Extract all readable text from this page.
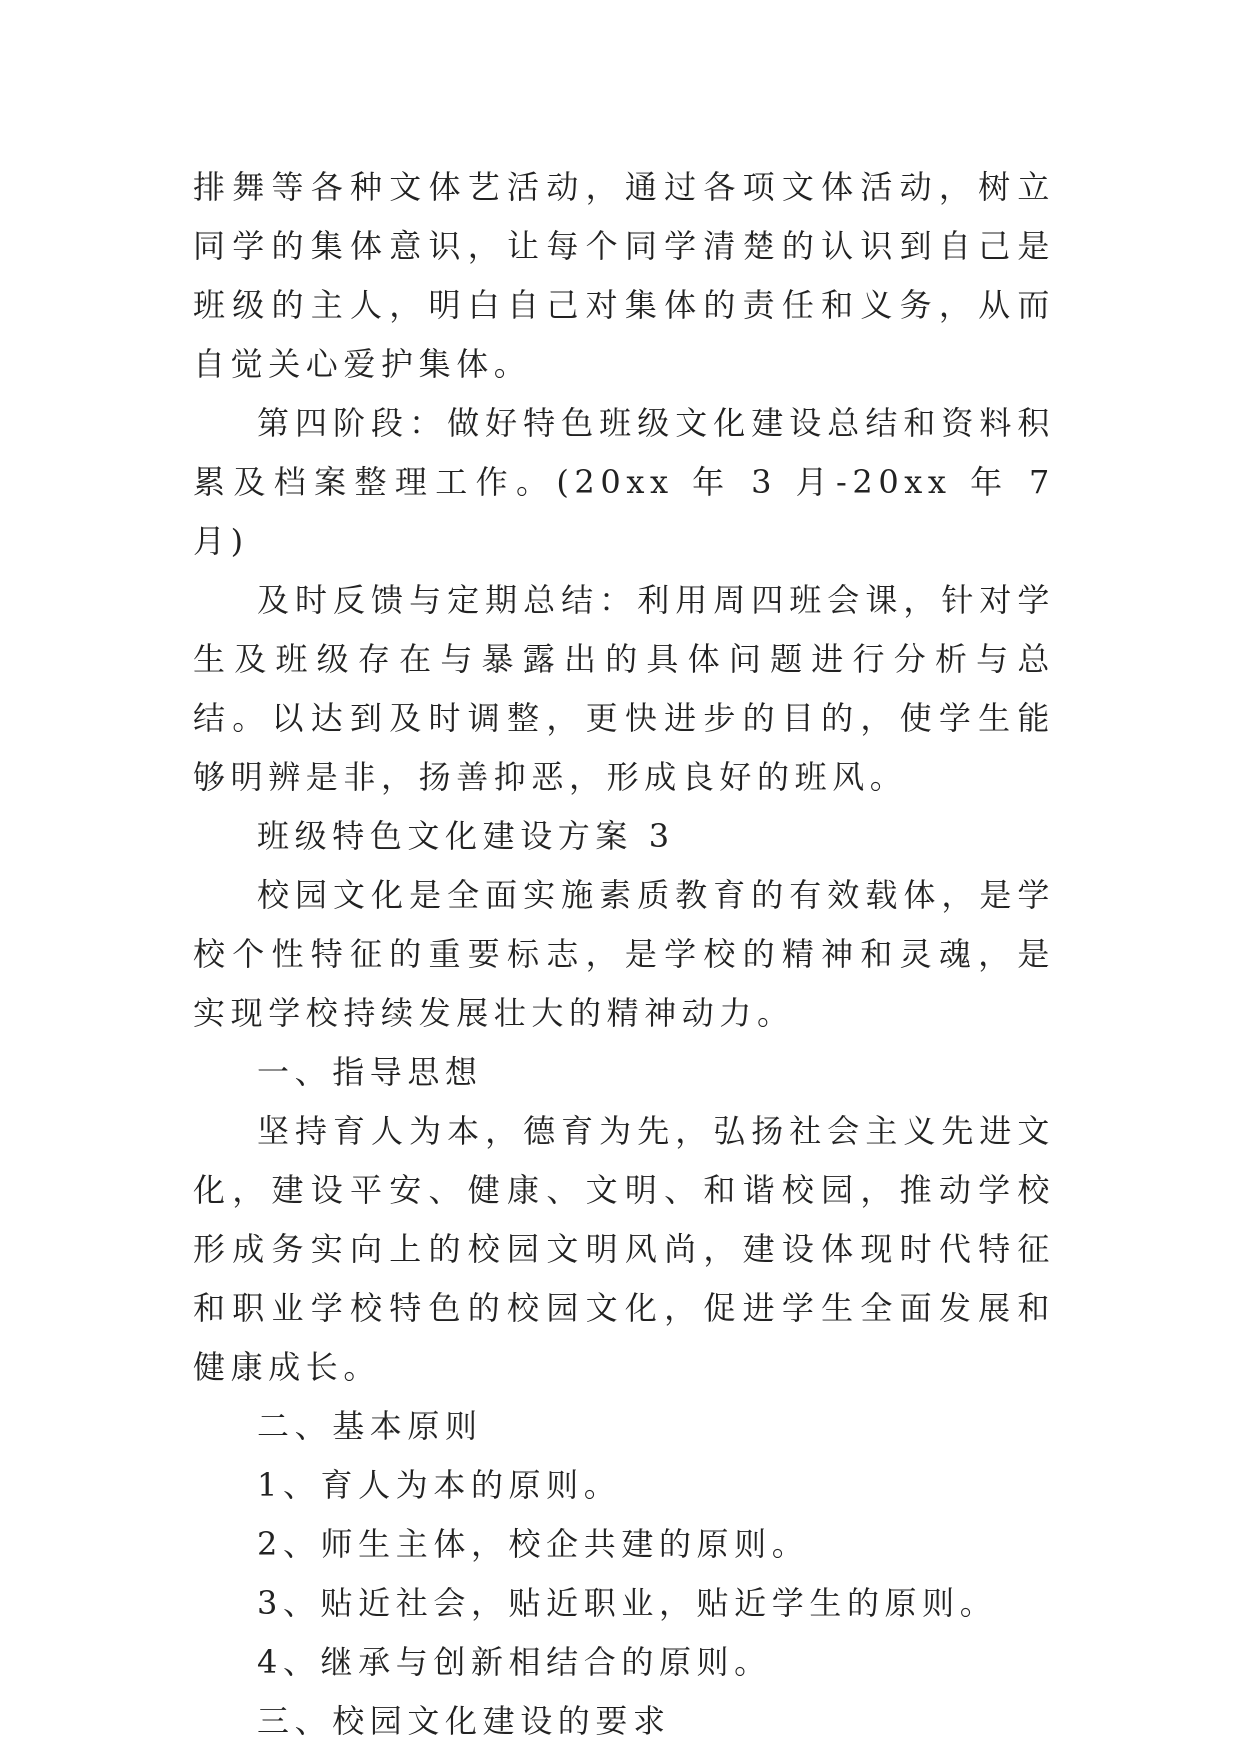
排舞等各种文体艺活动，通过各项文体活动，树立同学的集体意识，让每个同学清楚的认识到自己是班级的主人，明白自己对集体的责任和义务，从而自觉关心爱护集体。

第四阶段：做好特色班级文化建设总结和资料积累及档案整理工作。(20xx 年 3 月-20xx 年 7 月)

及时反馈与定期总结：利用周四班会课，针对学生及班级存在与暴露出的具体问题进行分析与总结。以达到及时调整，更快进步的目的，使学生能够明辨是非，扬善抑恶，形成良好的班风。

班级特色文化建设方案 3

校园文化是全面实施素质教育的有效载体，是学校个性特征的重要标志，是学校的精神和灵魂，是实现学校持续发展壮大的精神动力。

一、指导思想

坚持育人为本，德育为先，弘扬社会主义先进文化，建设平安、健康、文明、和谐校园，推动学校形成务实向上的校园文明风尚，建设体现时代特征和职业学校特色的校园文化，促进学生全面发展和健康成长。

二、基本原则

1、育人为本的原则。

2、师生主体，校企共建的原则。

3、贴近社会，贴近职业，贴近学生的原则。

4、继承与创新相结合的原则。

三、校园文化建设的要求
